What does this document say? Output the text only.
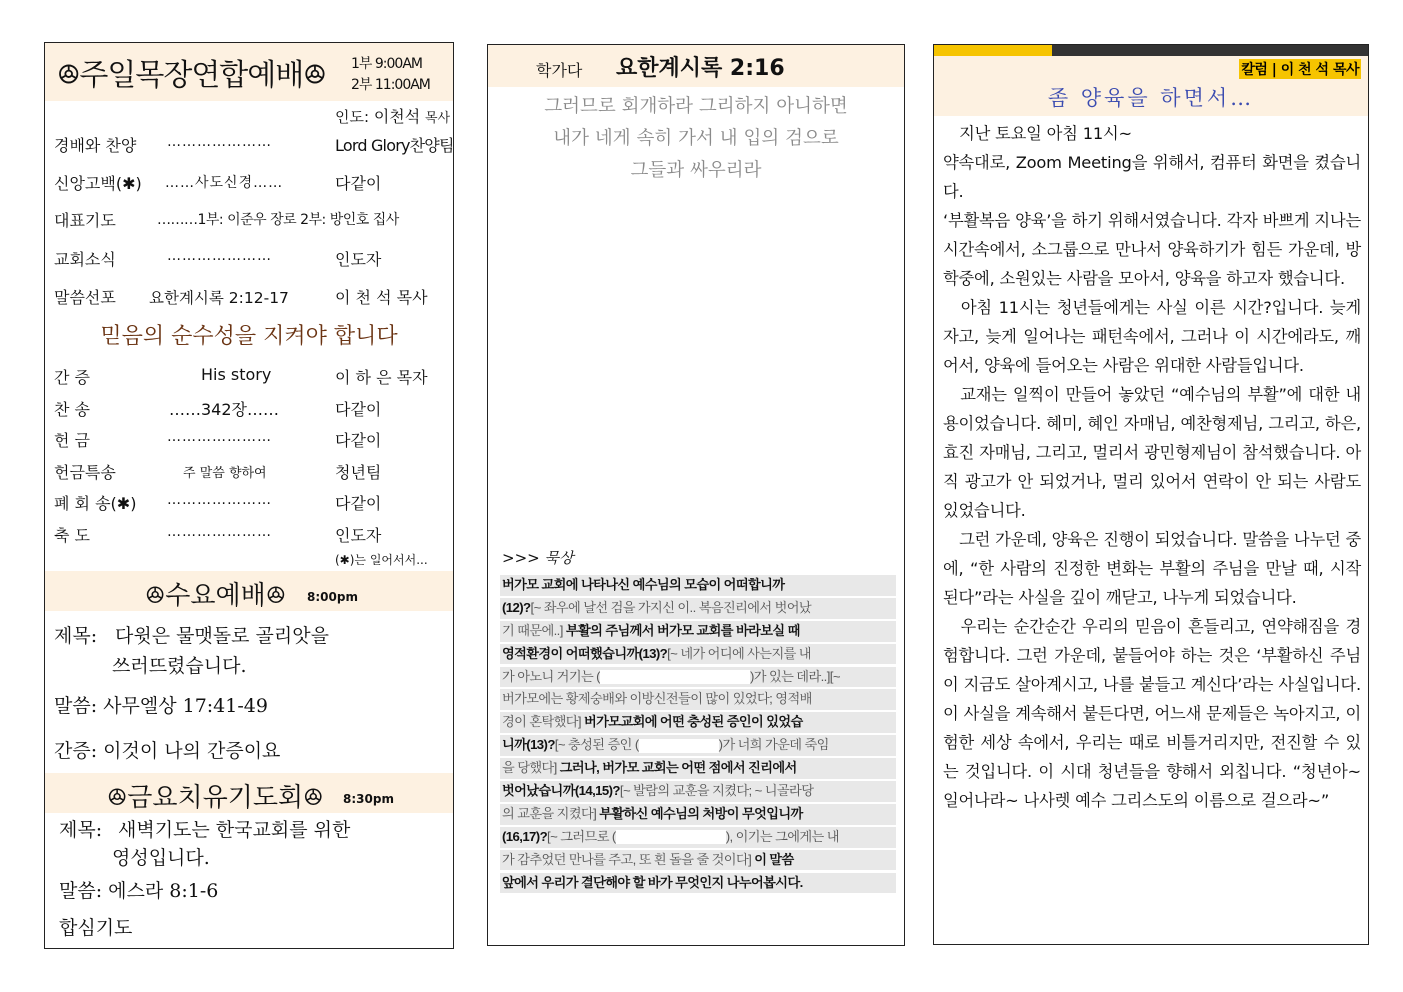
ꔮ주일목장연합예배ꔮ 1부 9:00AM
2부 11:00AM
인도: 이천석 목사
경배와 찬양 …………………	Lord Glory찬양팀
신앙고백(✱) ……사도신경……	다같이
대표기도	………1부: 이준우 장로 2부: 방인호 집사
교회소식	…………………	인도자
말씀선포 요한계시록 2:12-17	이 천 석 목사
믿음의 순수성을 지켜야 합니다
간 증	His story	이 하 은 목자
찬 송	……342장……	다같이
헌 금	…………………	다같이
헌금특송	주 말씀 향하여	청년팀
폐 회 송(✱) …………………	다같이
축 도	…………………	인도자
(✱)는 일어서서...
ꔮ수요예배ꔮ 8:00pm
제목: 다윗은 물맷돌로 골리앗을
쓰러뜨렸습니다.
말씀: 사무엘상 17:41-49
간증: 이것이 나의 간증이요
ꔮ금요치유기도회ꔮ 8:30pm
제목: 새벽기도는 한국교회를 위한
영성입니다.
말씀: 에스라 8:1-6
합심기도
학가다 요한계시록 2:16
그러므로 회개하라 그리하지 아니하면
내가 네게 속히 가서 내 입의 검으로
그들과 싸우리라
>>> 묵상
버가모 교회에 나타나신 예수님의 모습이 어떠합니까
(12)?[~ 좌우에 날선 검을 가지신 이.. 복음진리에서 벗어났
기 때문에..] 부활의 주님께서 버가모 교회를 바라보실 때
영적환경이 어떠했습니까(13)?[~ 네가 어디에 사는지를 내
가 아노니 거기는 (	)가 있는 데라..][~
버가모에는 황제숭배와 이방신전들이 많이 있었다; 영적배
경이 혼탁했다] 버가모교회에 어떤 충성된 증인이 있었습
니까(13)?[~ 충성된 증인 (	)가 너희 가운데 죽임
을 당했다] 그러나, 버가모 교회는 어떤 점에서 진리에서
벗어났습니까(14,15)?[~ 발람의 교훈을 지켰다; ~ 니골라당
의 교훈을 지켰다] 부활하신 예수님의 처방이 무엇입니까
(16,17)?[~ 그러므로 (	), 이기는 그에게는 내
가 감추었던 만나를 주고, 또 흰 돌을 줄 것이다] 이 말씀
앞에서 우리가 결단해야 할 바가 무엇인지 나누어봅시다.
칼럼 | 이 천 석 목사
좀 양육을 하면서…

　지난 토요일 아침 11시~

약속대로, Zoom Meeting을 위해서, 컴퓨터 화면을 켰습니다.

‘부활복음 양육’을 하기 위해서였습니다. 각자 바쁘게 지나는 시간속에서, 소그룹으로 만나서 양육하기가 힘든 가운데, 방학중에, 소원있는 사람을 모아서, 양육을 하고자 했습니다.

　아침 11시는 청년들에게는 사실 이른 시간?입니다. 늦게 자고, 늦게 일어나는 패턴속에서, 그러나 이 시간에라도, 깨어서, 양육에 들어오는 사람은 위대한 사람들입니다.

　교재는 일찍이 만들어 놓았던 “예수님의 부활”에 대한 내용이었습니다. 혜미, 혜인 자매님, 예찬형제님, 그리고, 하은, 효진 자매님, 그리고, 멀리서 광민형제님이 참석했습니다. 아직 광고가 안 되었거나, 멀리 있어서 연락이 안 되는 사람도 있었습니다.

　그런 가운데, 양육은 진행이 되었습니다. 말씀을 나누던 중에, “한 사람의 진정한 변화는 부활의 주님을 만날 때, 시작 된다”라는 사실을 깊이 깨닫고, 나누게 되었습니다.

　우리는 순간순간 우리의 믿음이 흔들리고, 연약해짐을 경험합니다. 그런 가운데, 붙들어야 하는 것은 ‘부활하신 주님이 지금도 살아계시고, 나를 붙들고 계신다’라는 사실입니다. 이 사실을 계속해서 붙든다면, 어느새 문제들은 녹아지고, 이 험한 세상 속에서, 우리는 때로 비틀거리지만, 전진할 수 있는 것입니다. 이 시대 청년들을 향해서 외칩니다. “청년아~ 일어나라~ 나사렛 예수 그리스도의 이름으로 걸으라~”
